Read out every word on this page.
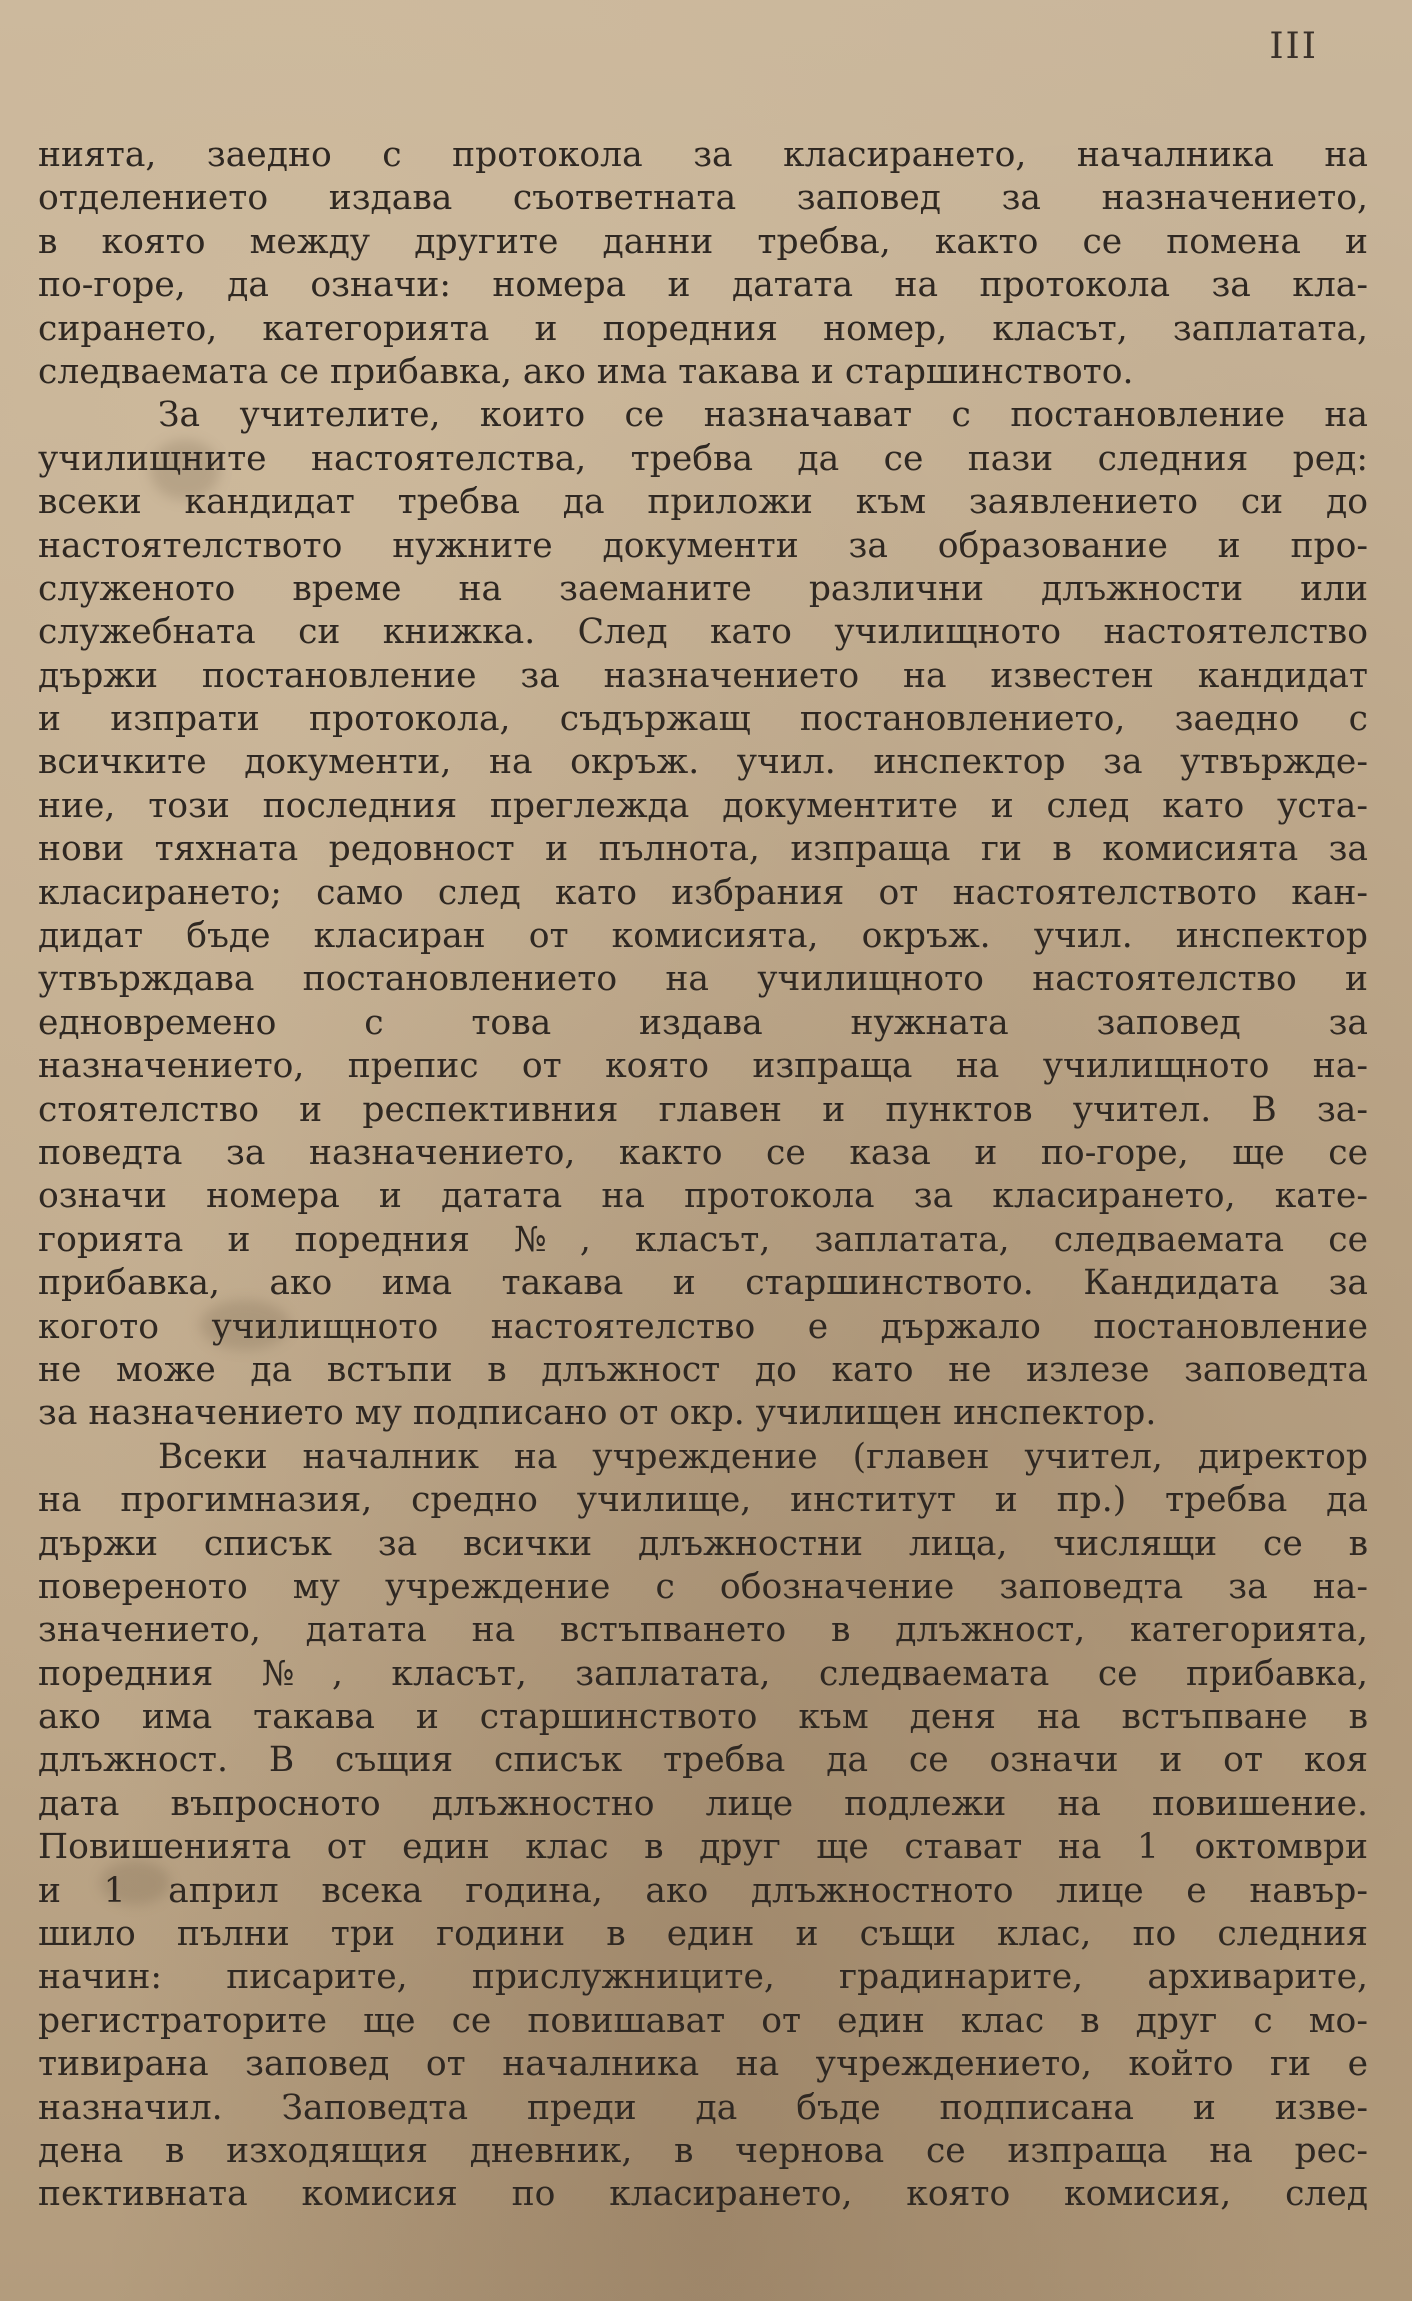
III
нията, заедно с протокола за класирането, началника на
отделението издава съответната заповед за назначението,
в която между другите данни требва, както се помена и
по-горе, да означи: номера и датата на протокола за кла-
сирането, категорията и поредния номер, класът, заплатата,
следваемата се прибавка, ако има такава и старшинството.
За учителите, които се назначават с постановление на
училищните настоятелства, требва да се пази следния ред:
всеки кандидат требва да приложи към заявлението си до
настоятелството нужните документи за образование и про-
служеното време на заеманите различни длъжности или
служебната си книжка. След като училищното настоятелство
държи постановление за назначението на известен кандидат
и изпрати протокола, съдържащ постановлението, заедно с
всичките документи, на окръж. учил. инспектор за утвържде-
ние, този последния преглежда документите и след като уста-
нови тяхната редовност и пълнота, изпраща ги в комисията за
класирането; само след като избрания от настоятелството кан-
дидат бъде класиран от комисията, окръж. учил. инспектор
утвърждава постановлението на училищното настоятелство и
едновремено с това издава нужната заповед за
назначението, препис от която изпраща на училищното на-
стоятелство и респективния главен и пунктов учител. В за-
поведта за назначението, както се каза и по-горе, ще се
означи номера и датата на протокола за класирането, кате-
горията и поредния №, класът, заплатата, следваемата се
прибавка, ако има такава и старшинството. Кандидата за
когото училищното настоятелство е държало постановление
не може да встъпи в длъжност до като не излезе заповедта
за назначението му подписано от окр. училищен инспектор.
Всеки началник на учреждение (главен учител, директор
на прогимназия, средно училище, институт и пр.) требва да
държи списък за всички длъжностни лица, числящи се в
повереното му учреждение с обозначение заповедта за на-
значението, датата на встъпването в длъжност, категорията,
поредния №, класът, заплатата, следваемата се прибавка,
ако има такава и старшинството към деня на встъпване в
длъжност. В същия списък требва да се означи и от коя
дата въпросното длъжностно лице подлежи на повишение.
Повишенията от един клас в друг ще стават на 1 октомври
и 1 април всека година, ако длъжностното лице е навър-
шило пълни три години в един и същи клас, по следния
начин: писарите, прислужниците, градинарите, архиварите,
регистраторите ще се повишават от един клас в друг с мо-
тивирана заповед от началника на учреждението, който ги е
назначил. Заповедта преди да бъде подписана и изве-
дена в изходящия дневник, в чернова се изпраща на рес-
пективната комисия по класирането, която комисия, след
